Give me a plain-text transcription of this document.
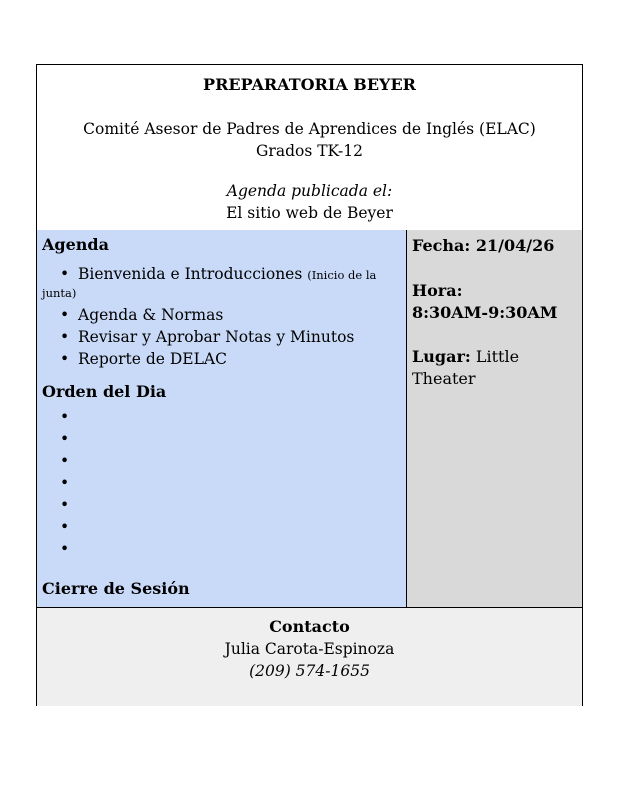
PREPARATORIA BEYER
Comité Asesor de Padres de Aprendices de Inglés (ELAC)
Grados TK-12
Agenda publicada el:
El sitio web de Beyer
Agenda
• Bienvenida e Introducciones (Inicio de la
junta)
• Agenda & Normas
• Revisar y Aprobar Notas y Minutos
• Reporte de DELAC
Orden del Dia
•
•
•
•
•
•
•
Cierre de Sesión
Fecha: 21/04/26
Hora:
8:30AM-9:30AM
Lugar: Little
Theater
Contacto
Julia Carota-Espinoza
(209) 574-1655
